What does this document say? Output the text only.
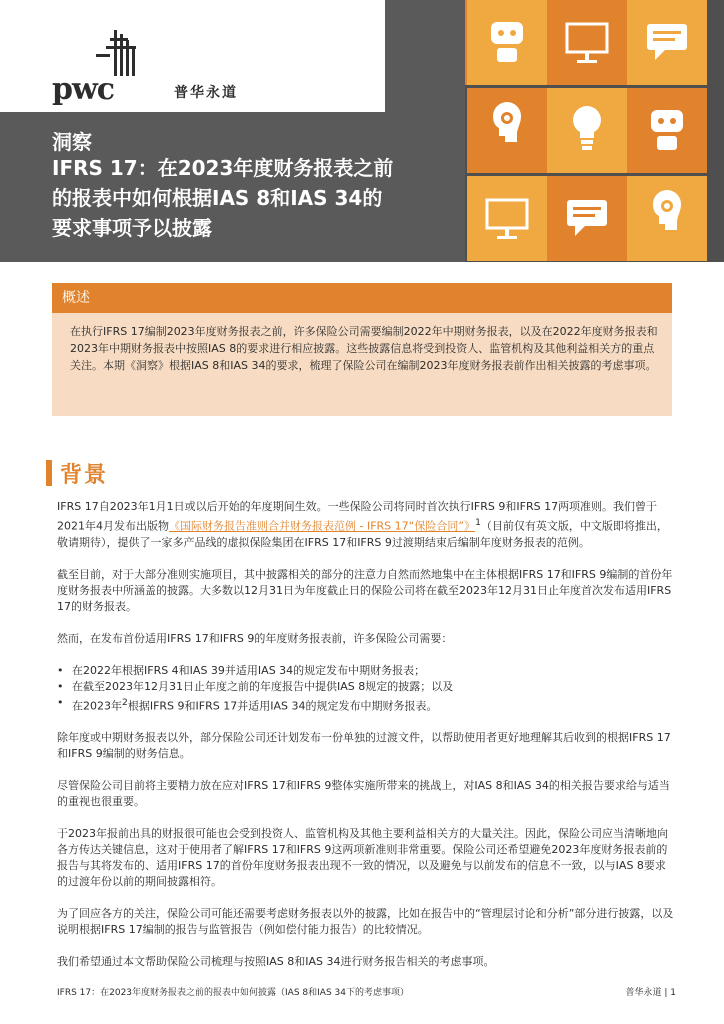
pwc	普华永道
洞察
IFRS 17：在2023年度财务报表之前
的报表中如何根据IAS 8和IAS 34的
要求事项予以披露
概述
在执行IFRS 17编制2023年度财务报表之前，许多保险公司需要编制2022年中期财务报表，以及在2022年度财务报表和2023年中期财务报表中按照IAS 8的要求进行相应披露。这些披露信息将受到投资人、监管机构及其他利益相关方的重点关注。本期《洞察》根据IAS 8和IAS 34的要求，梳理了保险公司在编制2023年度财务报表前作出相关披露的考虑事项。
背景

IFRS 17自2023年1月1日或以后开始的年度期间生效。一些保险公司将同时首次执行IFRS 9和IFRS 17两项准则。我们曾于2021年4月发布出版物《国际财务报告准则合并财务报表范例 - IFRS 17“保险合同”》$^1$（目前仅有英文版，中文版即将推出，敬请期待），提供了一家多产品线的虚拟保险集团在IFRS 17和IFRS 9过渡期结束后编制年度财务报表的范例。

截至目前，对于大部分准则实施项目，其中披露相关的部分的注意力自然而然地集中在主体根据IFRS 17和IFRS 9编制的首份年度财务报表中所涵盖的披露。大多数以12月31日为年度截止日的保险公司将在截至2023年12月31日止年度首次发布适用IFRS 17的财务报表。

然而，在发布首份适用IFRS 17和IFRS 9的年度财务报表前，许多保险公司需要：

• 在2022年根据IFRS 4和IAS 39并适用IAS 34的规定发布中期财务报表；
• 在截至2023年12月31日止年度之前的年度报告中提供IAS 8规定的披露；以及
• 在2023年$^2$根据IFRS 9和IFRS 17并适用IAS 34的规定发布中期财务报表。

除年度或中期财务报表以外，部分保险公司还计划发布一份单独的过渡文件，以帮助使用者更好地理解其后收到的根据IFRS 17和IFRS 9编制的财务信息。

尽管保险公司目前将主要精力放在应对IFRS 17和IFRS 9整体实施所带来的挑战上，对IAS 8和IAS 34的相关报告要求给与适当的重视也很重要。

于2023年报前出具的财报很可能也会受到投资人、监管机构及其他主要利益相关方的大量关注。因此，保险公司应当清晰地向各方传达关键信息，这对于使用者了解IFRS 17和IFRS 9这两项新准则非常重要。保险公司还希望避免2023年度财务报表前的报告与其将发布的、适用IFRS 17的首份年度财务报表出现不一致的情况，以及避免与以前发布的信息不一致，以与IAS 8要求的过渡年份以前的期间披露相符。

为了回应各方的关注，保险公司可能还需要考虑财务报表以外的披露，比如在报告中的“管理层讨论和分析”部分进行披露，以及说明根据IFRS 17编制的报告与监管报告（例如偿付能力报告）的比较情况。

我们希望通过本文帮助保险公司梳理与按照IAS 8和IAS 34进行财务报告相关的考虑事项。

IFRS 17：在2023年度财务报表之前的报表中如何披露（IAS 8和IAS 34下的考虑事项）	普华永道 | 1
